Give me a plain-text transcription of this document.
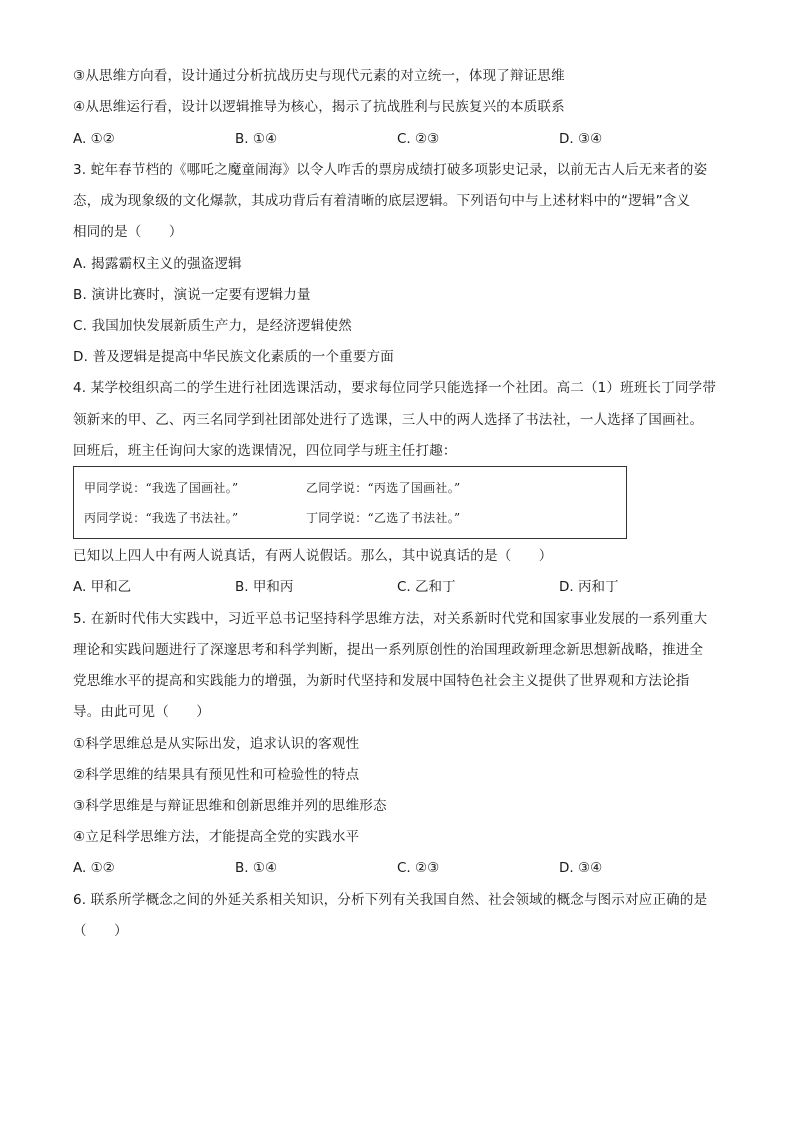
③从思维方向看，设计通过分析抗战历史与现代元素的对立统一，体现了辩证思维
④从思维运行看，设计以逻辑推导为核心，揭示了抗战胜利与民族复兴的本质联系
A. ①②	B. ①④	C. ②③	D. ③④
3. 蛇年春节档的《哪吒之魔童闹海》以令人咋舌的票房成绩打破多项影史记录，以前无古人后无来者的姿
态，成为现象级的文化爆款，其成功背后有着清晰的底层逻辑。下列语句中与上述材料中的“逻辑”含义
相同的是（　　）
A. 揭露霸权主义的强盗逻辑
B. 演讲比赛时，演说一定要有逻辑力量
C. 我国加快发展新质生产力，是经济逻辑使然
D. 普及逻辑是提高中华民族文化素质的一个重要方面
4. 某学校组织高二的学生进行社团选课活动，要求每位同学只能选择一个社团。高二（1）班班长丁同学带
领新来的甲、乙、丙三名同学到社团部处进行了选课，三人中的两人选择了书法社，一人选择了国画社。
回班后，班主任询问大家的选课情况，四位同学与班主任打趣：
甲同学说：“我选了国画社。”	乙同学说：“丙选了国画社。”
丙同学说：“我选了书法社。”	丁同学说：“乙选了书法社。”
已知以上四人中有两人说真话，有两人说假话。那么，其中说真话的是（　　）
A. 甲和乙	B. 甲和丙	C. 乙和丁	D. 丙和丁
5. 在新时代伟大实践中，习近平总书记坚持科学思维方法，对关系新时代党和国家事业发展的一系列重大
理论和实践问题进行了深邃思考和科学判断，提出一系列原创性的治国理政新理念新思想新战略，推进全
党思维水平的提高和实践能力的增强，为新时代坚持和发展中国特色社会主义提供了世界观和方法论指
导。由此可见（　　）
①科学思维总是从实际出发，追求认识的客观性
②科学思维的结果具有预见性和可检验性的特点
③科学思维是与辩证思维和创新思维并列的思维形态
④立足科学思维方法，才能提高全党的实践水平
A. ①②	B. ①④	C. ②③	D. ③④
6. 联系所学概念之间的外延关系相关知识，分析下列有关我国自然、社会领域的概念与图示对应正确的是
（　　）
